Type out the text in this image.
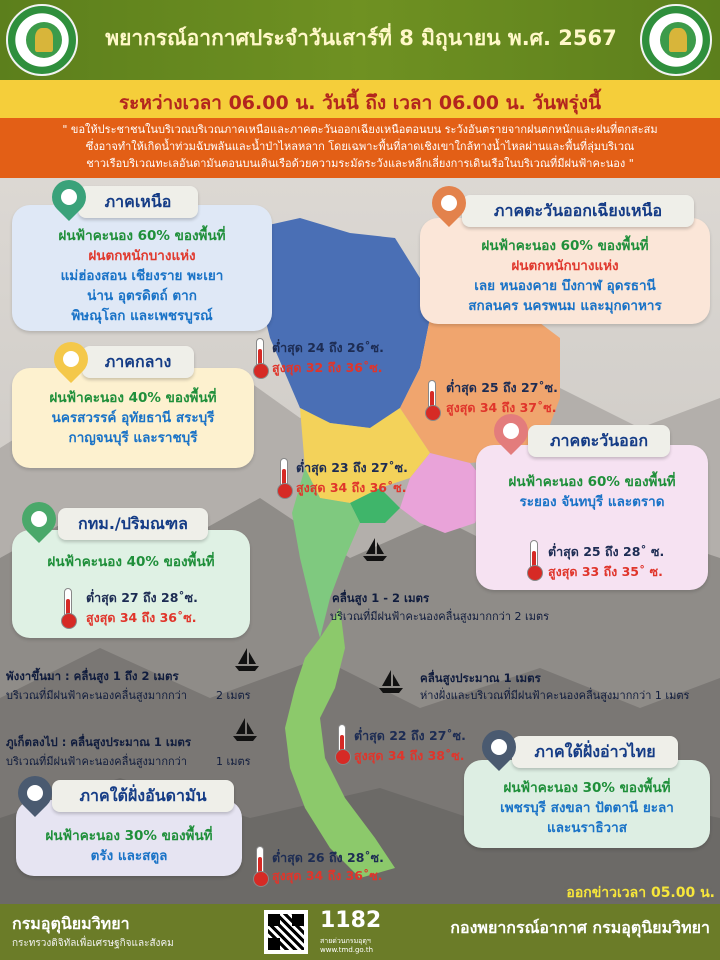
พยากรณ์อากาศประจำวันเสาร์ที่ 8 มิถุนายน พ.ศ. 2567
ระหว่างเวลา 06.00 น. วันนี้ ถึง เวลา 06.00 น. วันพรุ่งนี้
" ขอให้ประชาชนในบริเวณบริเวณภาคเหนือและภาคตะวันออกเฉียงเหนือตอนบน ระวังอันตรายจากฝนตกหนักและฝนที่ตกสะสม
ซึ่งอาจทำให้เกิดน้ำท่วมฉับพลันและน้ำป่าไหลหลาก โดยเฉพาะพื้นที่ลาดเชิงเขาใกล้ทางน้ำไหลผ่านและพื้นที่ลุ่มบริเวณ
ชาวเรือบริเวณทะเลอันดามันตอนบนเดินเรือด้วยความระมัดระวังและหลีกเลี่ยงการเดินเรือในบริเวณที่มีฝนฟ้าคะนอง "
ภาคเหนือ
ฝนฟ้าคะนอง 60% ของพื้นที่
ฝนตกหนักบางแห่ง
แม่ฮ่องสอน เชียงราย พะเยา
น่าน อุตรดิตถ์ ตาก
พิษณุโลก และเพชรบูรณ์
ต่ำสุด 24 ถึง 26˚ซ.
สูงสุด 32 ถึง 36˚ซ.
ภาคตะวันออกเฉียงเหนือ
ฝนฟ้าคะนอง 60% ของพื้นที่
ฝนตกหนักบางแห่ง
เลย หนองคาย บึงกาฬ อุดรธานี
สกลนคร นครพนม และมุกดาหาร
ต่ำสุด 25 ถึง 27˚ซ.
สูงสุด 34 ถึง 37˚ซ.
ภาคกลาง
ฝนฟ้าคะนอง 40% ของพื้นที่
นครสวรรค์ อุทัยธานี สระบุรี
กาญจนบุรี และราชบุรี
ต่ำสุด 23 ถึง 27˚ซ.
สูงสุด 34 ถึง 36˚ซ.
ภาคตะวันออก
ฝนฟ้าคะนอง 60% ของพื้นที่
ระยอง จันทบุรี และตราด
ต่ำสุด 25 ถึง 28˚ ซ.
สูงสุด 33 ถึง 35˚ ซ.
กทม./ปริมณฑล
ฝนฟ้าคะนอง 40% ของพื้นที่
ต่ำสุด 27 ถึง 28˚ซ.
สูงสุด 34 ถึง 36˚ซ.
คลื่นสูง 1 - 2 เมตร
บริเวณที่มีฝนฟ้าคะนองคลื่นสูงมากกว่า 2 เมตร
พังงาขึ้นมา : คลื่นสูง 1 ถึง 2 เมตร
บริเวณที่มีฝนฟ้าคะนองคลื่นสูงมากกว่า	2 เมตร
คลื่นสูงประมาณ 1 เมตร
ห่างฝั่งและบริเวณที่มีฝนฟ้าคะนองคลื่นสูงมากกว่า 1 เมตร
ภูเก็ตลงไป : คลื่นสูงประมาณ 1 เมตร
บริเวณที่มีฝนฟ้าคะนองคลื่นสูงมากกว่า	1 เมตร
ภาคใต้ฝั่งอ่าวไทย
ฝนฟ้าคะนอง 30% ของพื้นที่
เพชรบุรี สงขลา ปัตตานี ยะลา
และนราธิวาส
ต่ำสุด 22 ถึง 27˚ซ.
สูงสุด 34 ถึง 38˚ซ.
ภาคใต้ฝั่งอันดามัน
ฝนฟ้าคะนอง 30% ของพื้นที่
ตรัง และสตูล	ต่ำสุด 26 ถึง 28˚ซ.
สูงสุด 34 ถึง 36˚ซ.
ออกข่าวเวลา 05.00 น.
กรมอุตุนิยมวิทยา
กระทรวงดิจิทัลเพื่อเศรษฐกิจและสังคม
1182
สายด่วนกรมอุตุฯ
www.tmd.go.th
กองพยากรณ์อากาศ กรมอุตุนิยมวิทยา
